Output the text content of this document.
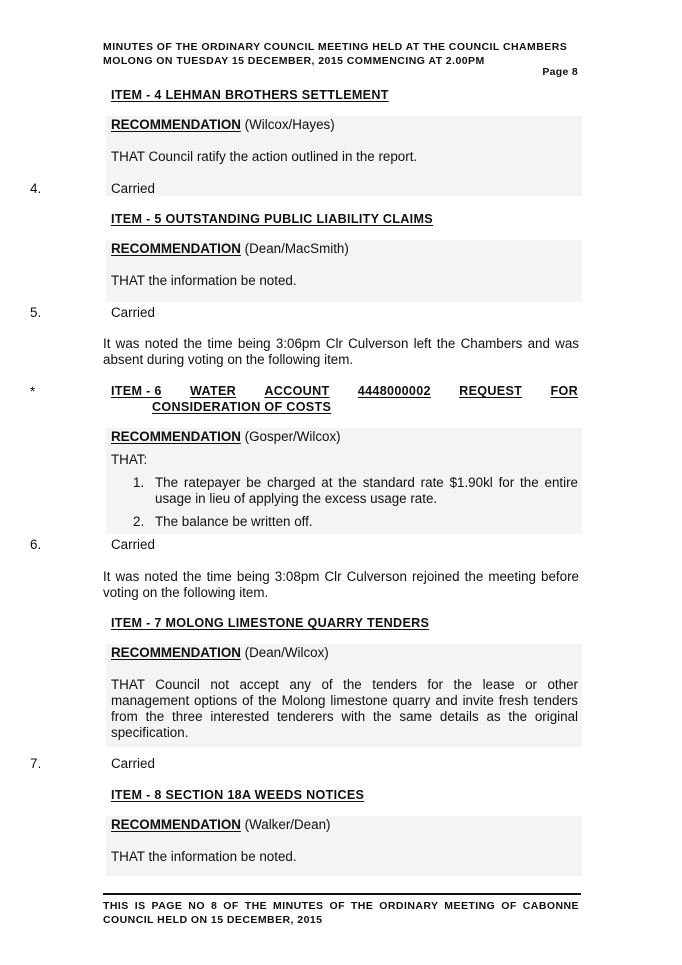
MINUTES OF THE ORDINARY COUNCIL MEETING HELD AT THE COUNCIL CHAMBERS
MOLONG ON TUESDAY 15 DECEMBER, 2015 COMMENCING AT 2.00PM
Page 8
ITEM - 4 LEHMAN BROTHERS SETTLEMENT
RECOMMENDATION (Wilcox/Hayes)
THAT Council ratify the action outlined in the report.
4.	Carried
ITEM - 5 OUTSTANDING PUBLIC LIABILITY CLAIMS
RECOMMENDATION (Dean/MacSmith)
THAT the information be noted.
5.	Carried
It was noted the time being 3:06pm Clr Culverson left the Chambers and was absent during voting on the following item.
*	ITEM - 6 WATER ACCOUNT 4448000002 REQUEST FOR
CONSIDERATION OF COSTS
RECOMMENDATION (Gosper/Wilcox)
THAT:
1. The ratepayer be charged at the standard rate $1.90kl for the entire usage in lieu of applying the excess usage rate.
2. The balance be written off.
6.	Carried
It was noted the time being 3:08pm Clr Culverson rejoined the meeting before voting on the following item.
ITEM - 7 MOLONG LIMESTONE QUARRY TENDERS
RECOMMENDATION (Dean/Wilcox)
THAT Council not accept any of the tenders for the lease or other management options of the Molong limestone quarry and invite fresh tenders from the three interested tenderers with the same details as the original specification.
7.	Carried
ITEM - 8 SECTION 18A WEEDS NOTICES
RECOMMENDATION (Walker/Dean)
THAT the information be noted.
THIS IS PAGE NO 8 OF THE MINUTES OF THE ORDINARY MEETING OF CABONNE
COUNCIL HELD ON 15 DECEMBER, 2015
